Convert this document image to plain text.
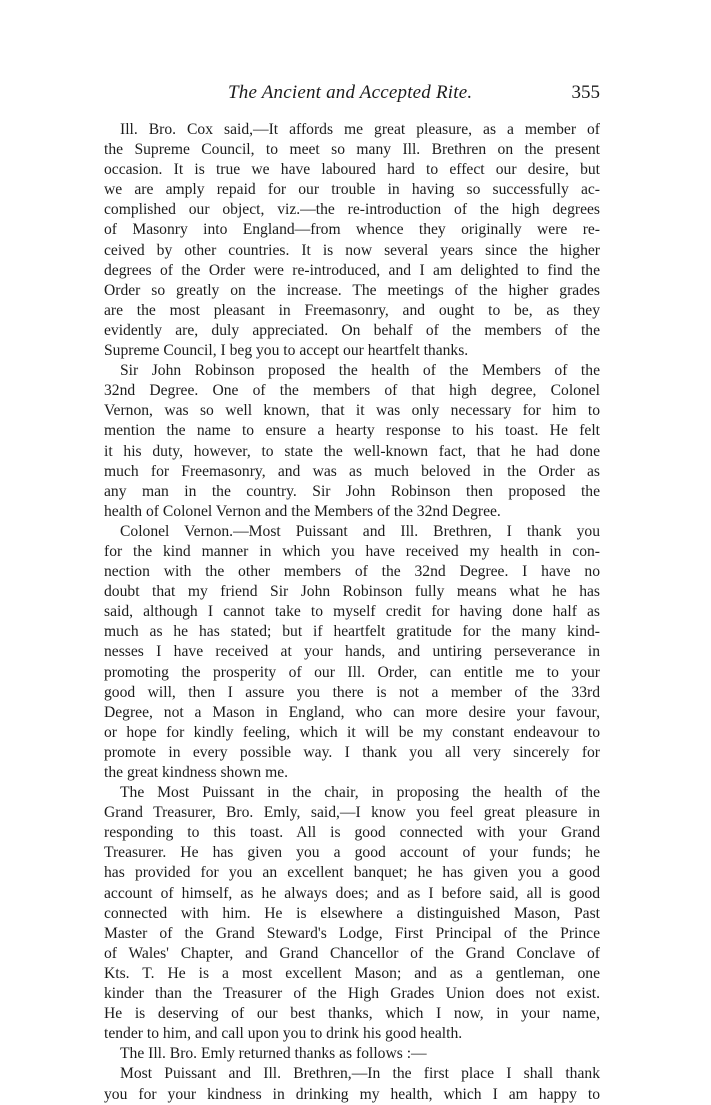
The Ancient and Accepted Rite.	355
Ill. Bro. Cox said,—It affords me great pleasure, as a member of
the Supreme Council, to meet so many Ill. Brethren on the present
occasion. It is true we have laboured hard to effect our desire, but
we are amply repaid for our trouble in having so successfully ac-
complished our object, viz.—the re-introduction of the high degrees
of Masonry into England—from whence they originally were re-
ceived by other countries. It is now several years since the higher
degrees of the Order were re-introduced, and I am delighted to find the
Order so greatly on the increase. The meetings of the higher grades
are the most pleasant in Freemasonry, and ought to be, as they
evidently are, duly appreciated. On behalf of the members of the
Supreme Council, I beg you to accept our heartfelt thanks.
Sir John Robinson proposed the health of the Members of the
32nd Degree. One of the members of that high degree, Colonel
Vernon, was so well known, that it was only necessary for him to
mention the name to ensure a hearty response to his toast. He felt
it his duty, however, to state the well-known fact, that he had done
much for Freemasonry, and was as much beloved in the Order as
any man in the country. Sir John Robinson then proposed the
health of Colonel Vernon and the Members of the 32nd Degree.
Colonel Vernon.—Most Puissant and Ill. Brethren, I thank you
for the kind manner in which you have received my health in con-
nection with the other members of the 32nd Degree. I have no
doubt that my friend Sir John Robinson fully means what he has
said, although I cannot take to myself credit for having done half as
much as he has stated; but if heartfelt gratitude for the many kind-
nesses I have received at your hands, and untiring perseverance in
promoting the prosperity of our Ill. Order, can entitle me to your
good will, then I assure you there is not a member of the 33rd
Degree, not a Mason in England, who can more desire your favour,
or hope for kindly feeling, which it will be my constant endeavour to
promote in every possible way. I thank you all very sincerely for
the great kindness shown me.
The Most Puissant in the chair, in proposing the health of the
Grand Treasurer, Bro. Emly, said,—I know you feel great pleasure in
responding to this toast. All is good connected with your Grand
Treasurer. He has given you a good account of your funds; he
has provided for you an excellent banquet; he has given you a good
account of himself, as he always does; and as I before said, all is good
connected with him. He is elsewhere a distinguished Mason, Past
Master of the Grand Steward's Lodge, First Principal of the Prince
of Wales' Chapter, and Grand Chancellor of the Grand Conclave of
Kts. T. He is a most excellent Mason; and as a gentleman, one
kinder than the Treasurer of the High Grades Union does not exist.
He is deserving of our best thanks, which I now, in your name,
tender to him, and call upon you to drink his good health.
The Ill. Bro. Emly returned thanks as follows :—
Most Puissant and Ill. Brethren,—In the first place I shall thank
you for your kindness in drinking my health, which I am happy to
